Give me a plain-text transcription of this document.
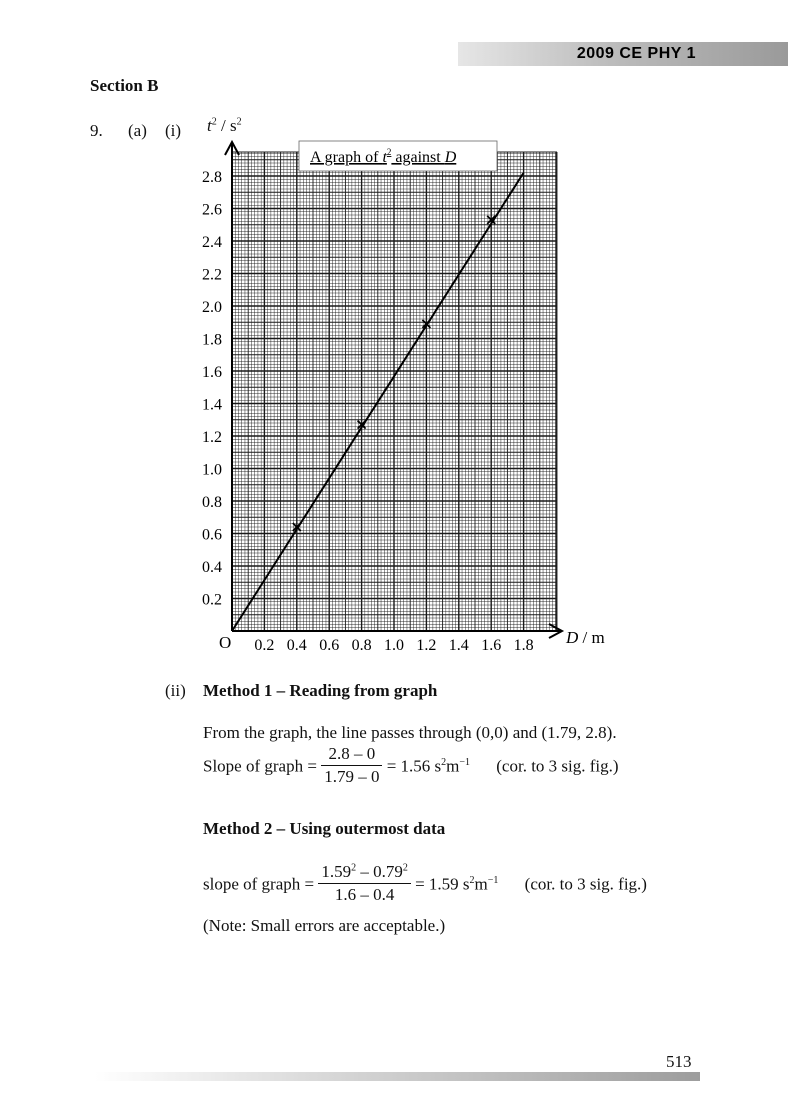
2009 CE PHY 1
Section B
9. (a) (i) $t^2 / s^2$
0.2
0.4
0.6
0.8
1.0
1.2
1.4
1.6
1.8
2.0
2.2
2.4
2.6
2.8
0.2 0.4 0.6 0.8 1.0 1.2 1.4 1.6 1.8
A graph of $t^2$ against D
O	D / m
(ii) Method 1 – Reading from graph
From the graph, the line passes through (0,0) and (1.79, 2.8).
Slope of graph = $\frac{2.8 - 0}{1.79 - 0} = 1.56$ $s^2m^{-1}$ (cor. to 3 sig. fig.)
Method 2 – Using outermost data
slope of graph = $\frac{1.59^2 - 0.79^2}{1.6 - 0.4} = 1.59$ $s^2m^{-1}$ (cor. to 3 sig. fig.)
(Note: Small errors are acceptable.)
513
